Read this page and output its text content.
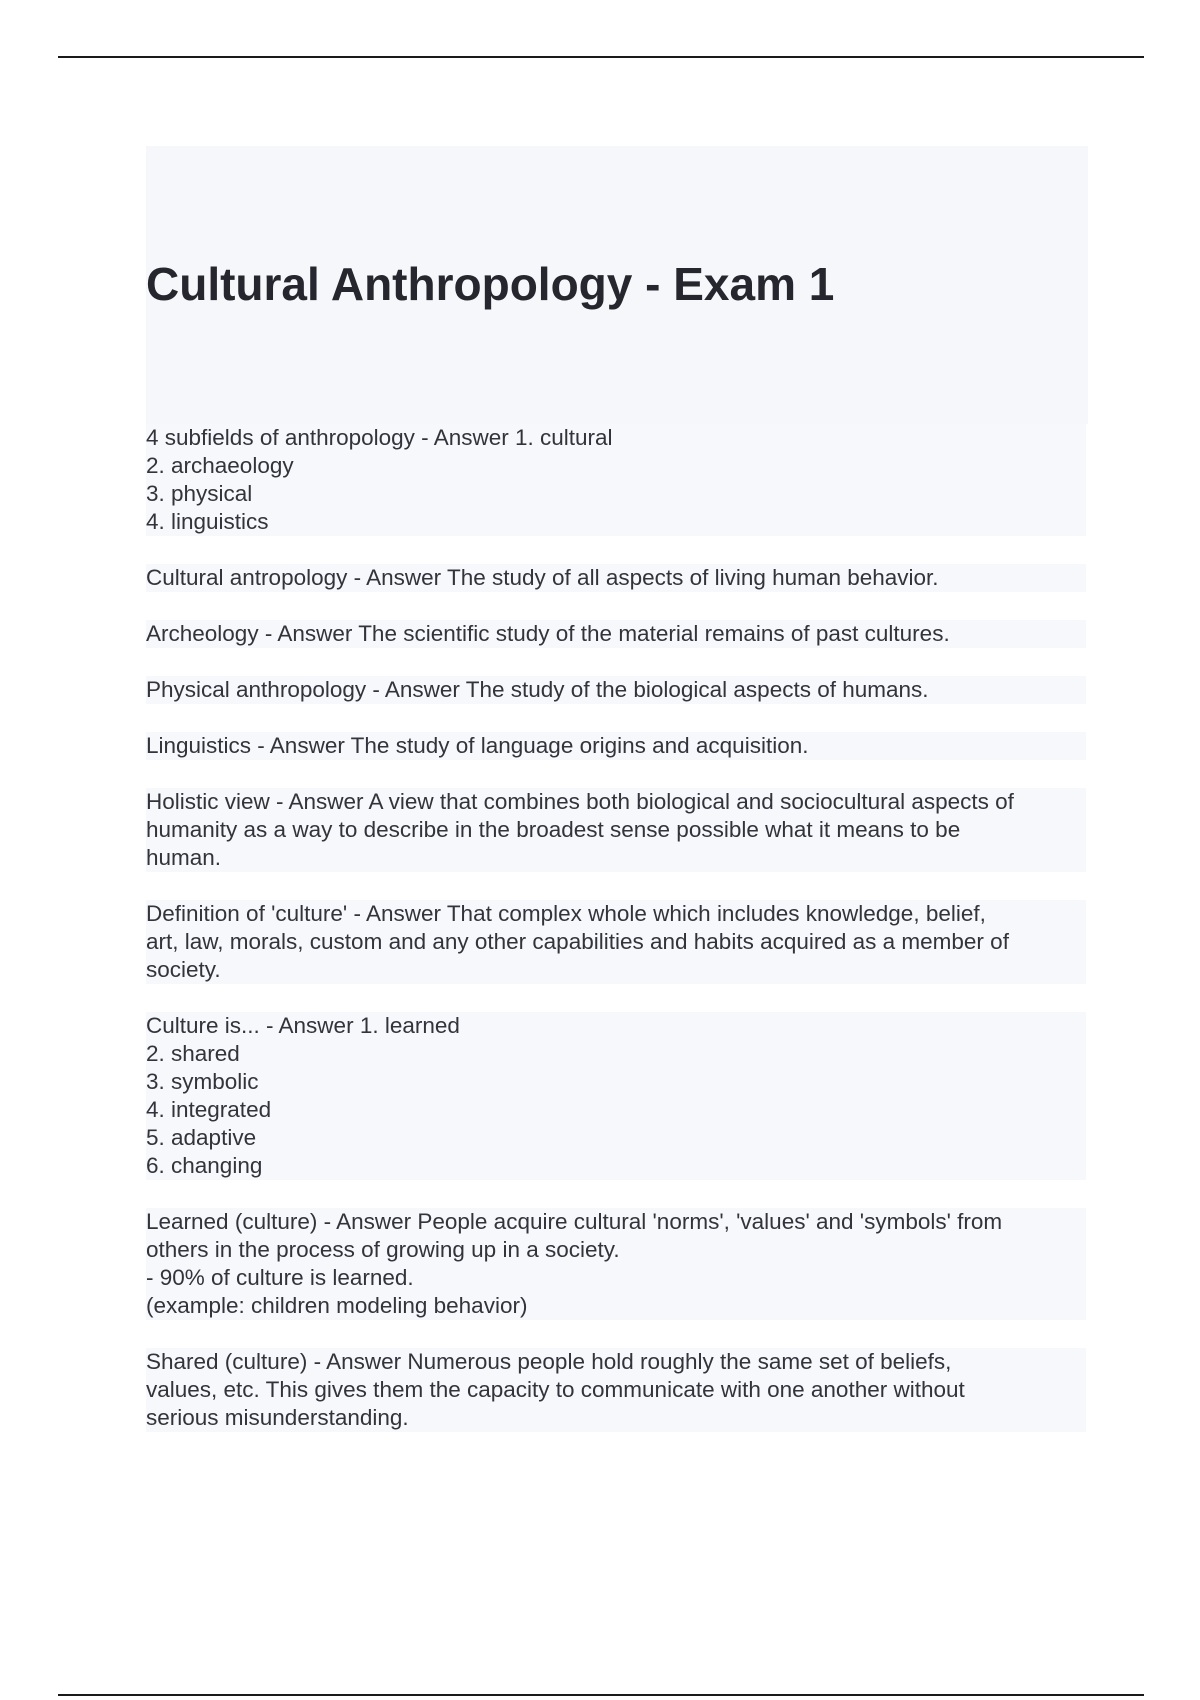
Cultural Anthropology - Exam 1
4 subfields of anthropology - Answer 1. cultural
2. archaeology
3. physical
4. linguistics
Cultural antropology - Answer The study of all aspects of living human behavior.
Archeology - Answer The scientific study of the material remains of past cultures.
Physical anthropology - Answer The study of the biological aspects of humans.
Linguistics - Answer The study of language origins and acquisition.
Holistic view - Answer A view that combines both biological and sociocultural aspects of
humanity as a way to describe in the broadest sense possible what it means to be
human.
Definition of 'culture' - Answer That complex whole which includes knowledge, belief,
art, law, morals, custom and any other capabilities and habits acquired as a member of
society.
Culture is... - Answer 1. learned
2. shared
3. symbolic
4. integrated
5. adaptive
6. changing
Learned (culture) - Answer People acquire cultural 'norms', 'values' and 'symbols' from
others in the process of growing up in a society.
- 90% of culture is learned.
(example: children modeling behavior)
Shared (culture) - Answer Numerous people hold roughly the same set of beliefs,
values, etc. This gives them the capacity to communicate with one another without
serious misunderstanding.
